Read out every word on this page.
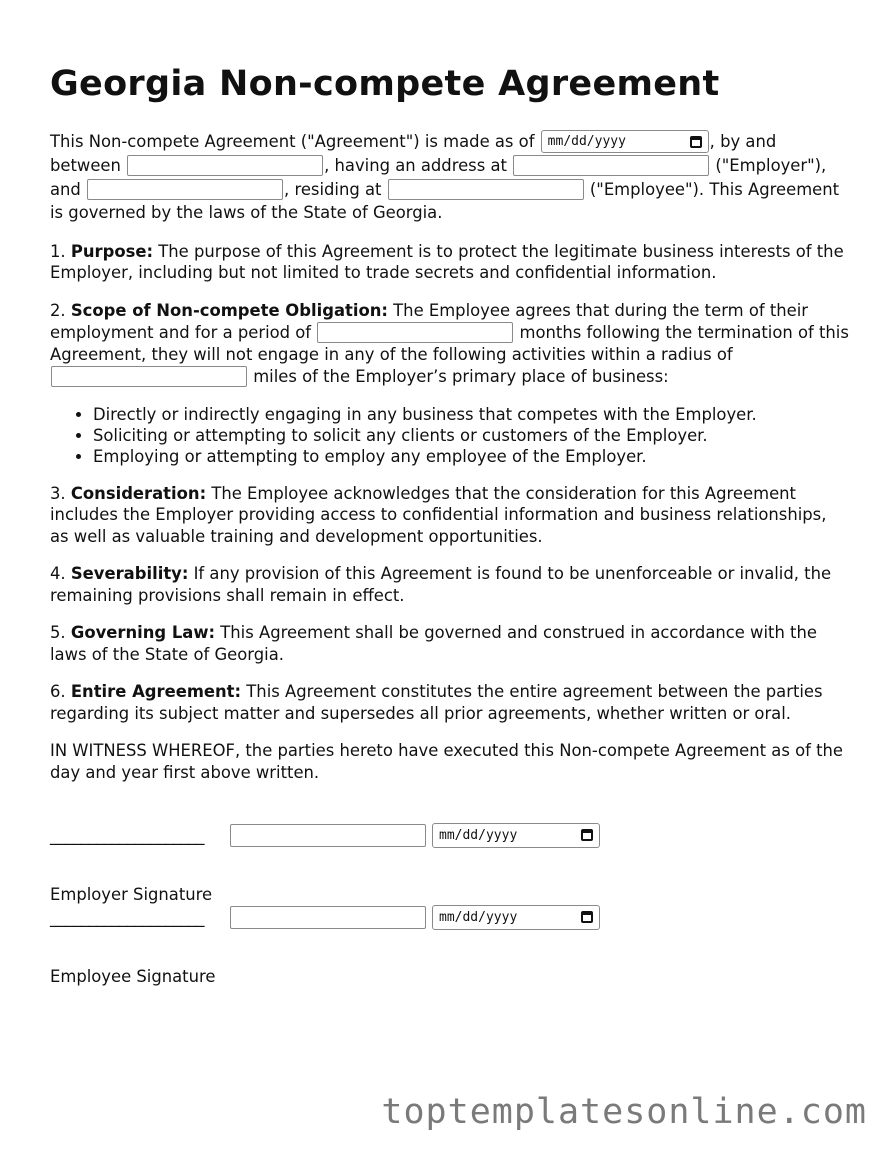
Georgia Non-compete Agreement

This Non-compete Agreement ("Agreement") is made as of mm/dd/yyyy	, by and between	, having an address at	("Employer"), and	, residing at	("Employee"). This Agreement is governed by the laws of the State of Georgia.

1. Purpose: The purpose of this Agreement is to protect the legitimate business interests of the Employer, including but not limited to trade secrets and confidential information.

2. Scope of Non-compete Obligation: The Employee agrees that during the term of their employment and for a period of	months following the termination of this Agreement, they will not engage in any of the following activities within a radius of  miles of the Employer’s primary place of business:

• Directly or indirectly engaging in any business that competes with the Employer.
• Soliciting or attempting to solicit any clients or customers of the Employer.
• Employing or attempting to employ any employee of the Employer.

3. Consideration: The Employee acknowledges that the consideration for this Agreement includes the Employer providing access to confidential information and business relationships, as well as valuable training and development opportunities.

4. Severability: If any provision of this Agreement is found to be unenforceable or invalid, the remaining provisions shall remain in effect.

5. Governing Law: This Agreement shall be governed and construed in accordance with the laws of the State of Georgia.

6. Entire Agreement: This Agreement constitutes the entire agreement between the parties regarding its subject matter and supersedes all prior agreements, whether written or oral.

IN WITNESS WHEREOF, the parties hereto have executed this Non-compete Agreement as of the day and year first above written.

____________________	mm/dd/yyyy
Employer Signature
____________________	mm/dd/yyyy
Employee Signature
toptemplatesonline.com
